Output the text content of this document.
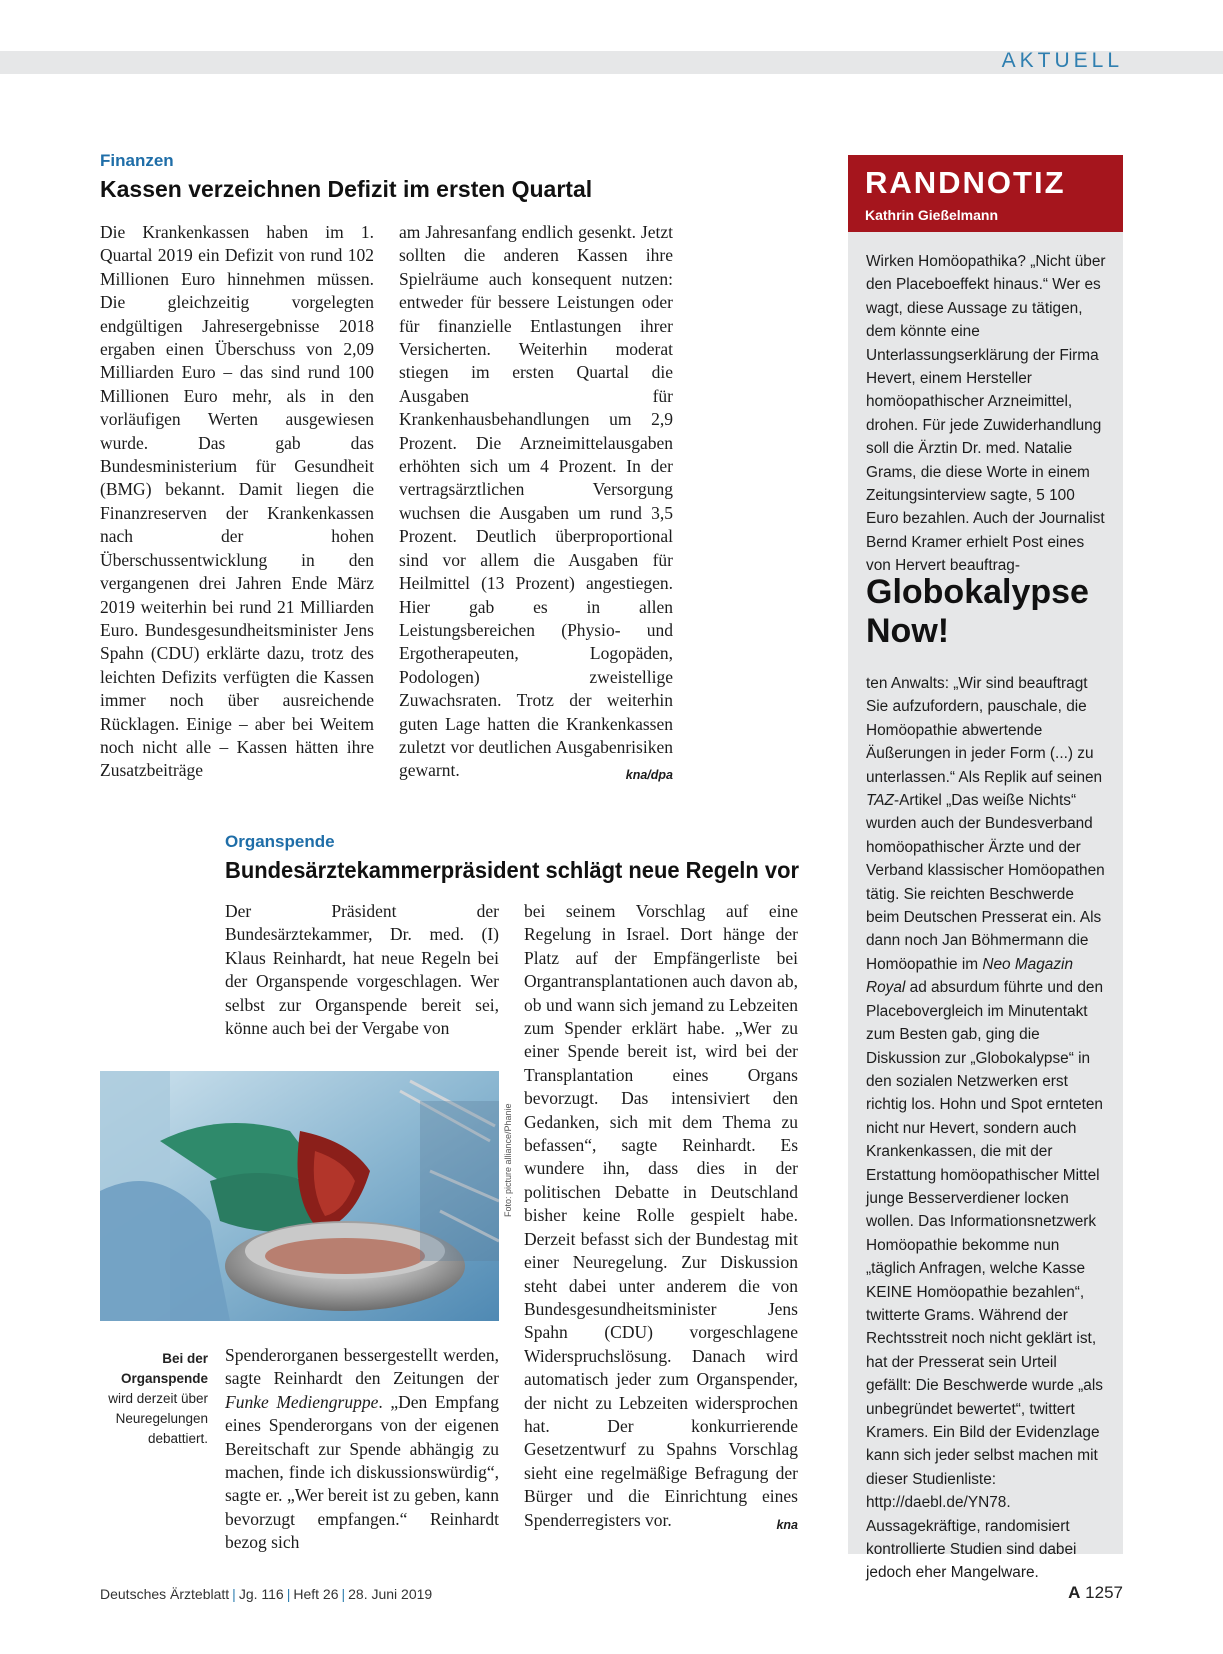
AKTUELL
Finanzen
Kassen verzeichnen Defizit im ersten Quartal

Die Krankenkassen haben im 1. Quartal 2019 ein Defizit von rund 102 Millionen Euro hinnehmen müssen. Die gleichzeitig vorgelegten endgültigen Jahresergebnisse 2018 ergaben einen Überschuss von 2,09 Milliarden Euro – das sind rund 100 Millionen Euro mehr, als in den vorläufigen Werten ausgewiesen wurde. Das gab das Bundesministerium für Gesundheit (BMG) bekannt. Damit liegen die Finanzreserven der Krankenkassen nach der hohen Überschussentwicklung in den vergangenen drei Jahren Ende März 2019 weiterhin bei rund 21 Milliarden Euro. Bundesgesundheitsminister Jens Spahn (CDU) erklärte dazu, trotz des leichten Defizits verfügten die Kassen immer noch über ausreichende Rücklagen. Einige – aber bei Weitem noch nicht alle – Kassen hätten ihre Zusatzbeiträge

am Jahresanfang endlich gesenkt. Jetzt sollten die anderen Kassen ihre Spielräume auch konsequent nutzen: entweder für bessere Leistungen oder für finanzielle Entlastungen ihrer Versicherten. Weiterhin moderat stiegen im ersten Quartal die Ausgaben für Krankenhausbehandlungen um 2,9 Prozent. Die Arzneimittelausgaben erhöhten sich um 4 Prozent. In der vertragsärztlichen Versorgung wuchsen die Ausgaben um rund 3,5 Prozent. Deutlich überproportional sind vor allem die Ausgaben für Heilmittel (13 Prozent) angestiegen. Hier gab es in allen Leistungsbereichen (Physio- und Ergotherapeuten, Logopäden, Podologen) zweistellige Zuwachsraten. Trotz der weiterhin guten Lage hatten die Krankenkassen zuletzt vor deutlichen Ausgabenrisiken gewarnt.	kna/dpa

Organspende
Bundesärztekammerpräsident schlägt neue Regeln vor

Der Präsident der Bundesärztekammer, Dr. med. (I) Klaus Reinhardt, hat neue Regeln bei der Organspende vorgeschlagen. Wer selbst zur Organspende bereit sei, könne auch bei der Vergabe von

Foto: picture alliance/Phanie
Bei der Organspende wird derzeit über Neuregelungen debattiert.

Spenderorganen bessergestellt werden, sagte Reinhardt den Zeitungen der Funke Mediengruppe. „Den Empfang eines Spenderorgans von der eigenen Bereitschaft zur Spende abhängig zu machen, finde ich diskussionswürdig“, sagte er. „Wer bereit ist zu geben, kann bevorzugt empfangen.“ Reinhardt bezog sich

bei seinem Vorschlag auf eine Regelung in Israel. Dort hänge der Platz auf der Empfängerliste bei Organtransplantationen auch davon ab, ob und wann sich jemand zu Lebzeiten zum Spender erklärt habe. „Wer zu einer Spende bereit ist, wird bei der Transplantation eines Organs bevorzugt. Das intensiviert den Gedanken, sich mit dem Thema zu befassen“, sagte Reinhardt. Es wundere ihn, dass dies in der politischen Debatte in Deutschland bisher keine Rolle gespielt habe. Derzeit befasst sich der Bundestag mit einer Neuregelung. Zur Diskussion steht dabei unter anderem die von Bundesgesundheitsminister Jens Spahn (CDU) vorgeschlagene Widerspruchslösung. Danach wird automatisch jeder zum Organspender, der nicht zu Lebzeiten widersprochen hat. Der konkurrierende Gesetzentwurf zu Spahns Vorschlag sieht eine regelmäßige Befragung der Bürger und die Einrichtung eines Spenderregisters vor.	kna

RANDNOTIZ
Kathrin Gießelmann

Wirken Homöopathika? „Nicht über den Placeboeffekt hinaus.“ Wer es wagt, diese Aussage zu tätigen, dem könnte eine Unterlassungserklärung der Firma Hevert, einem Hersteller homöopathischer Arzneimittel, drohen. Für jede Zuwiderhandlung soll die Ärztin Dr. med. Natalie Grams, die diese Worte in einem Zeitungsinterview sagte, 5 100 Euro bezahlen. Auch der Journalist Bernd Kramer erhielt Post eines von Hervert beauftrag-

Globokalypse Now!

ten Anwalts: „Wir sind beauftragt Sie aufzufordern, pauschale, die Homöopathie abwertende Äußerungen in jeder Form (...) zu unterlassen.“ Als Replik auf seinen TAZ-Artikel „Das weiße Nichts“ wurden auch der Bundesverband homöopathischer Ärzte und der Verband klassischer Homöopathen tätig. Sie reichten Beschwerde beim Deutschen Presserat ein. Als dann noch Jan Böhmermann die Homöopathie im Neo Magazin Royal ad absurdum führte und den Placebovergleich im Minutentakt zum Besten gab, ging die Diskussion zur „Globokalypse“ in den sozialen Netzwerken erst richtig los. Hohn und Spot ernteten nicht nur Hevert, sondern auch Krankenkassen, die mit der Erstattung homöopathischer Mittel junge Besserverdiener locken wollen. Das Informationsnetzwerk Homöopathie bekomme nun „täglich Anfragen, welche Kasse KEINE Homöopathie bezahlen“, twitterte Grams. Während der Rechtsstreit noch nicht geklärt ist, hat der Presserat sein Urteil gefällt: Die Beschwerde wurde „als unbegründet bewertet“, twittert Kramers. Ein Bild der Evidenzlage kann sich jeder selbst machen mit dieser Studienliste: http://daebl.de/YN78. Aussagekräftige, randomisiert kontrollierte Studien sind dabei jedoch eher Mangelware.

Deutsches Ärzteblatt | Jg. 116 | Heft 26 | 28. Juni 2019	A 1257
